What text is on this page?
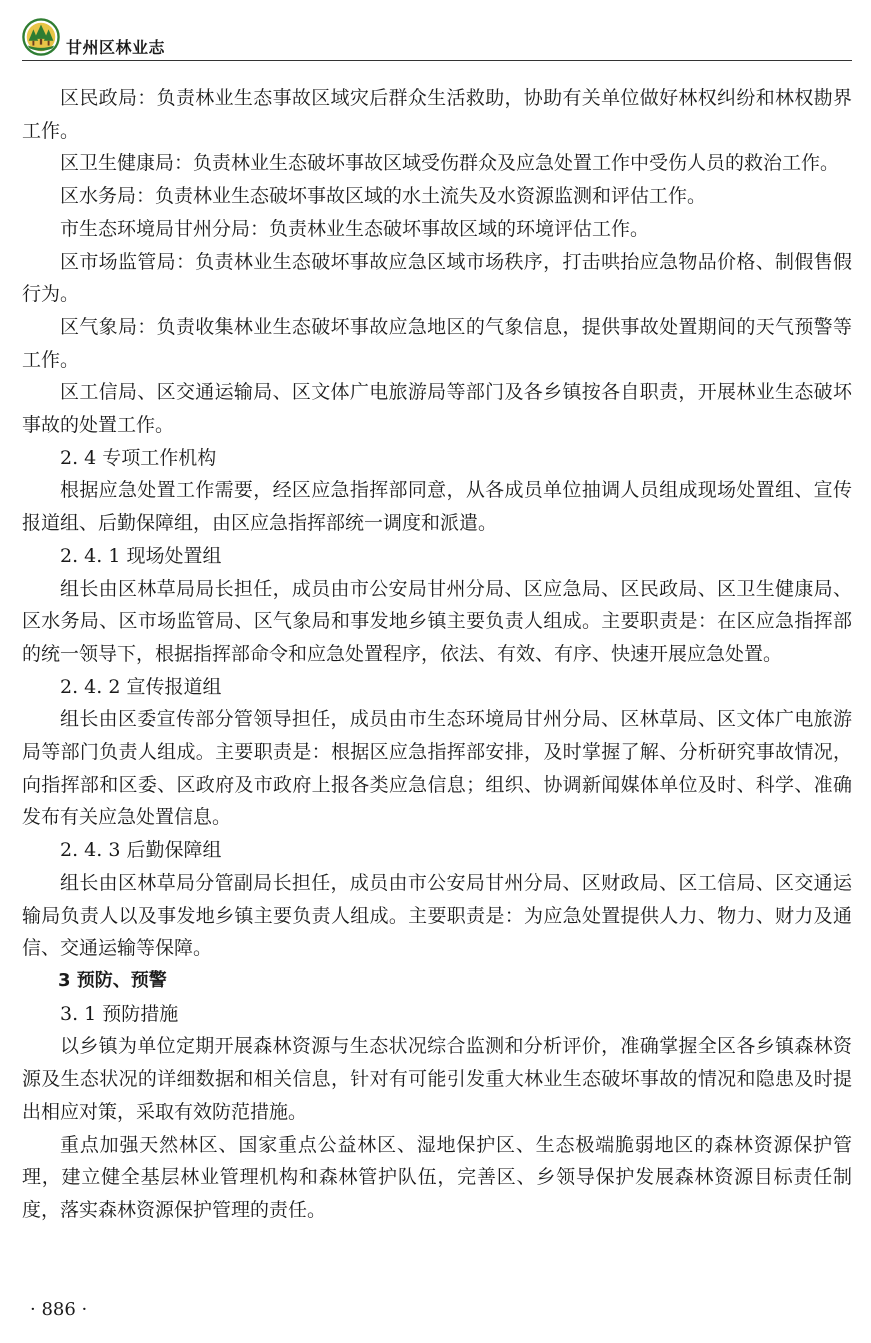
甘州区林业志

区民政局：负责林业生态事故区域灾后群众生活救助，协助有关单位做好林权纠纷和林权勘界工作。

区卫生健康局：负责林业生态破坏事故区域受伤群众及应急处置工作中受伤人员的救治工作。

区水务局：负责林业生态破坏事故区域的水土流失及水资源监测和评估工作。

市生态环境局甘州分局：负责林业生态破坏事故区域的环境评估工作。

区市场监管局：负责林业生态破坏事故应急区域市场秩序，打击哄抬应急物品价格、制假售假行为。

区气象局：负责收集林业生态破坏事故应急地区的气象信息，提供事故处置期间的天气预警等工作。

区工信局、区交通运输局、区文体广电旅游局等部门及各乡镇按各自职责，开展林业生态破坏事故的处置工作。

2. 4 专项工作机构

根据应急处置工作需要，经区应急指挥部同意，从各成员单位抽调人员组成现场处置组、宣传报道组、后勤保障组，由区应急指挥部统一调度和派遣。

2. 4. 1 现场处置组

组长由区林草局局长担任，成员由市公安局甘州分局、区应急局、区民政局、区卫生健康局、区水务局、区市场监管局、区气象局和事发地乡镇主要负责人组成。主要职责是：在区应急指挥部的统一领导下，根据指挥部命令和应急处置程序，依法、有效、有序、快速开展应急处置。

2. 4. 2 宣传报道组

组长由区委宣传部分管领导担任，成员由市生态环境局甘州分局、区林草局、区文体广电旅游局等部门负责人组成。主要职责是：根据区应急指挥部安排，及时掌握了解、分析研究事故情况，向指挥部和区委、区政府及市政府上报各类应急信息；组织、协调新闻媒体单位及时、科学、准确发布有关应急处置信息。

2. 4. 3 后勤保障组

组长由区林草局分管副局长担任，成员由市公安局甘州分局、区财政局、区工信局、区交通运输局负责人以及事发地乡镇主要负责人组成。主要职责是：为应急处置提供人力、物力、财力及通信、交通运输等保障。

3 预防、预警

3. 1 预防措施

以乡镇为单位定期开展森林资源与生态状况综合监测和分析评价，准确掌握全区各乡镇森林资源及生态状况的详细数据和相关信息，针对有可能引发重大林业生态破坏事故的情况和隐患及时提出相应对策，采取有效防范措施。

重点加强天然林区、国家重点公益林区、湿地保护区、生态极端脆弱地区的森林资源保护管理，建立健全基层林业管理机构和森林管护队伍，完善区、乡领导保护发展森林资源目标责任制度，落实森林资源保护管理的责任。

· 886 ·
